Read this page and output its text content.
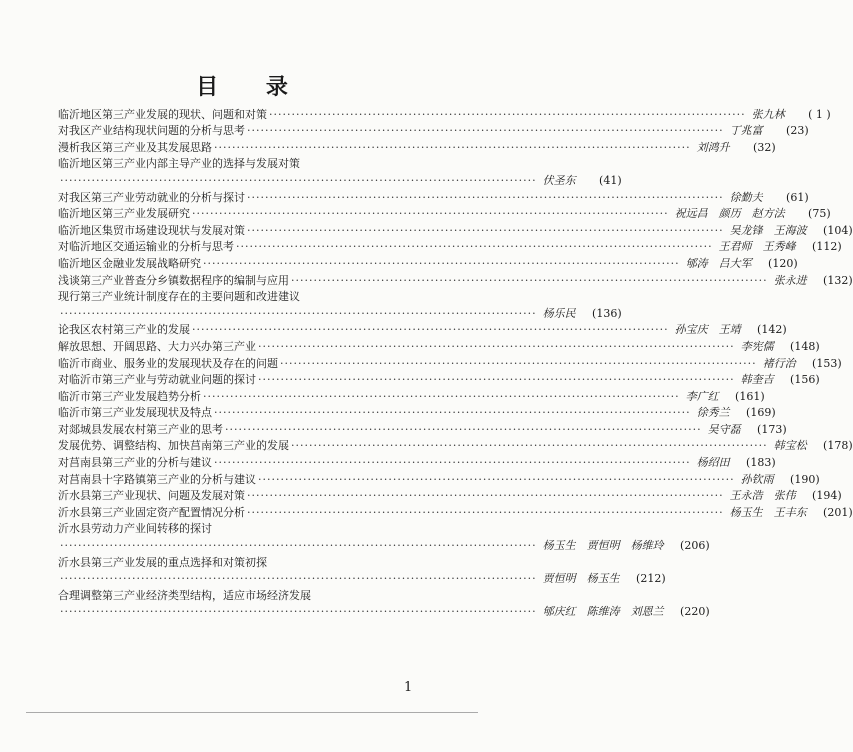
目 录
临沂地区第三产业发展的现状、问题和对策 ·····	张九林	( 1 )
对我区产业结构现状问题的分析与思考 ·····	丁兆富	(23)
漫析我区第三产业及其发展思路 ·····	刘鸿升	(32)
临沂地区第三产业内部主导产业的选择与发展对策
·····
伏圣东	(41)
对我区第三产业劳动就业的分析与探讨 ·····	徐勤夫	(61)
临沂地区第三产业发展研究 ·····	祝远昌　颜历　赵方法	(75)
临沂地区集贸市场建设现状与发展对策 ·····	吴龙锋　王海波	(104)
对临沂地区交通运输业的分析与思考 ·····	王君师　王秀峰	(112)
临沂地区金融业发展战略研究 ·····	郇涛　吕大军	(120)
浅谈第三产业普查分乡镇数据程序的编制与应用 ·····	张永进	(132)
现行第三产业统计制度存在的主要问题和改进建议
·····
杨乐民	(136)
论我区农村第三产业的发展 ·····	孙宝庆　王靖	(142)
解放思想、开阔思路、大力兴办第三产业 ·····	李宪儒	(148)
临沂市商业、服务业的发展现状及存在的问题 ·····	褚行治	(153)
对临沂市第三产业与劳动就业问题的探讨 ·····	韩奎吉	(156)
临沂市第三产业发展趋势分析 ·····	李广红	(161)
临沂市第三产业发展现状及特点 ·····	徐秀兰	(169)
对郯城县发展农村第三产业的思考 ·····	吴守磊	(173)
发展优势、调整结构、加快莒南第三产业的发展 ·····	韩宝松	(178)
对莒南县第三产业的分析与建议 ·····	杨绍田	(183)
对莒南县十字路镇第三产业的分析与建议 ·····	孙钦雨	(190)
沂水县第三产业现状、问题及发展对策 ·····	王永浩　张伟	(194)
沂水县第三产业固定资产配置情况分析 ·····	杨玉生　王丰东	(201)
沂水县劳动力产业间转移的探讨
·····
杨玉生　贾恒明　杨维玲	(206)
沂水县第三产业发展的重点选择和对策初探
·····
贾恒明　杨玉生	(212)
合理调整第三产业经济类型结构，适应市场经济发展
·····
郇庆红　陈维涛　刘恩兰	(220)
1
